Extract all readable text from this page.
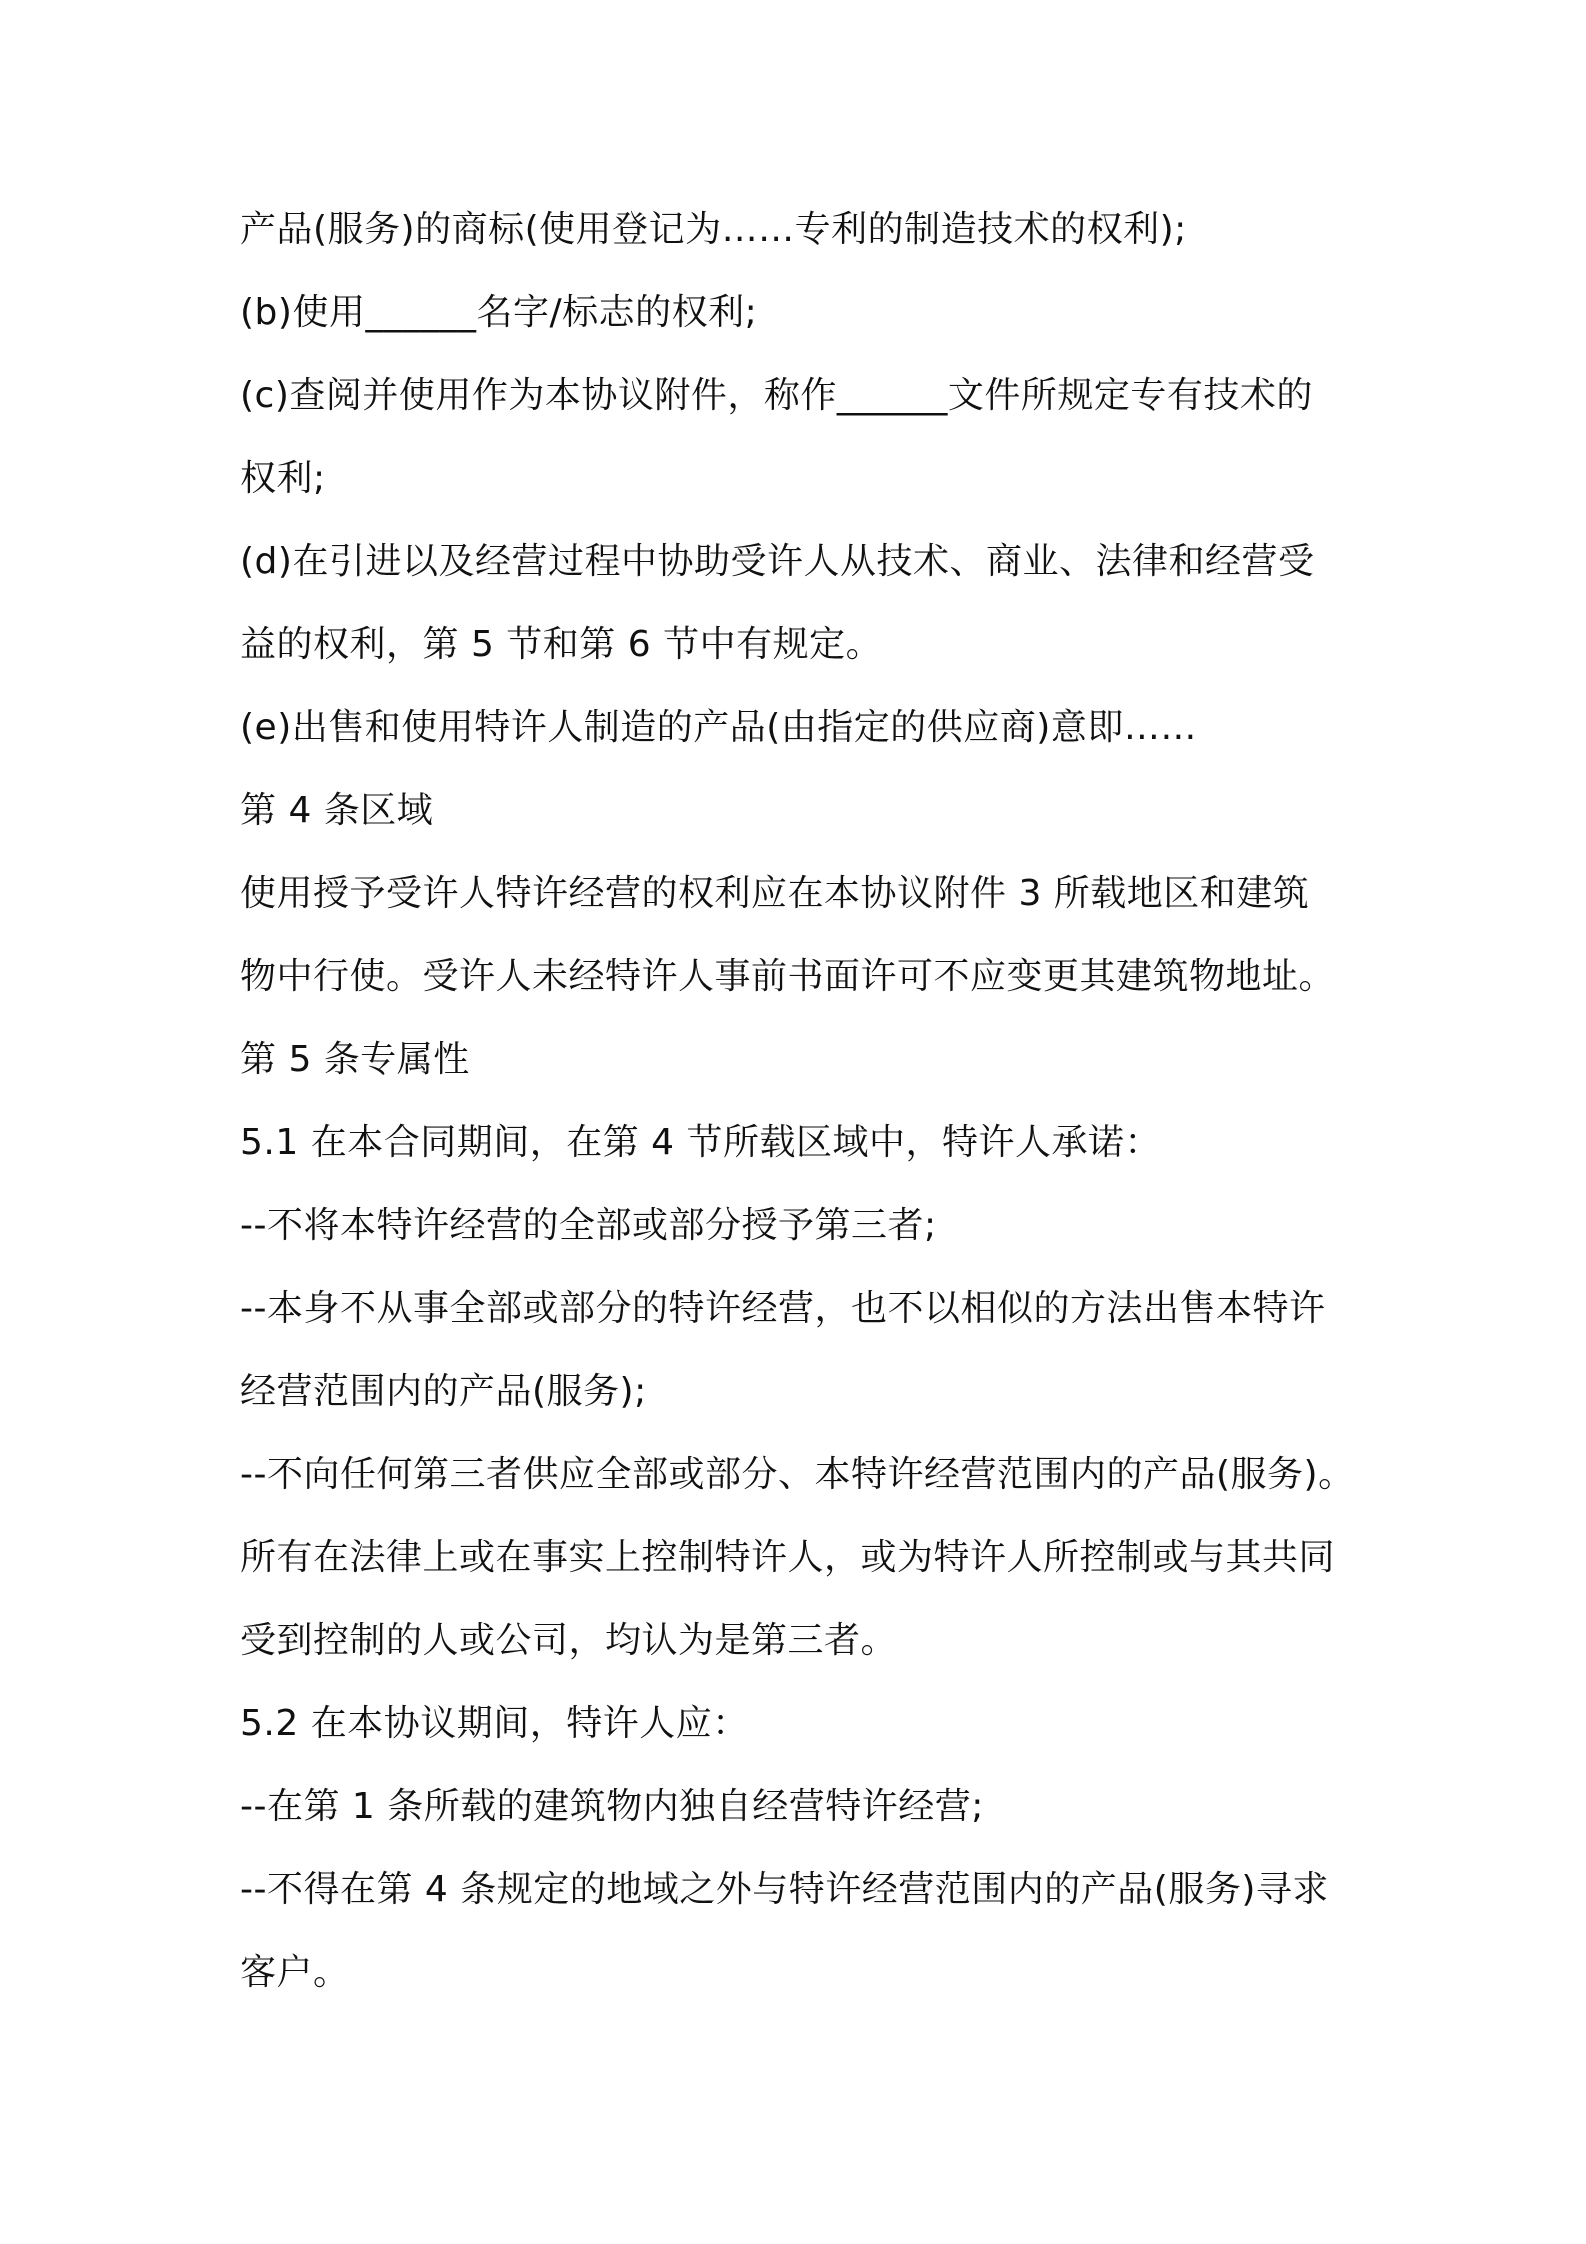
产品(服务)的商标(使用登记为……专利的制造技术的权利);
(b)使用______名字/标志的权利;
(c)查阅并使用作为本协议附件，称作______文件所规定专有技术的
权利;
(d)在引进以及经营过程中协助受许人从技术、商业、法律和经营受
益的权利，第 5 节和第 6 节中有规定。
(e)出售和使用特许人制造的产品(由指定的供应商)意即……
第 4 条区域
使用授予受许人特许经营的权利应在本协议附件 3 所载地区和建筑
物中行使。受许人未经特许人事前书面许可不应变更其建筑物地址。
第 5 条专属性
5.1 在本合同期间，在第 4 节所载区域中，特许人承诺：
--不将本特许经营的全部或部分授予第三者;
--本身不从事全部或部分的特许经营，也不以相似的方法出售本特许
经营范围内的产品(服务);
--不向任何第三者供应全部或部分、本特许经营范围内的产品(服务)。
所有在法律上或在事实上控制特许人，或为特许人所控制或与其共同
受到控制的人或公司，均认为是第三者。
5.2 在本协议期间，特许人应：
--在第 1 条所载的建筑物内独自经营特许经营;
--不得在第 4 条规定的地域之外与特许经营范围内的产品(服务)寻求
客户。
